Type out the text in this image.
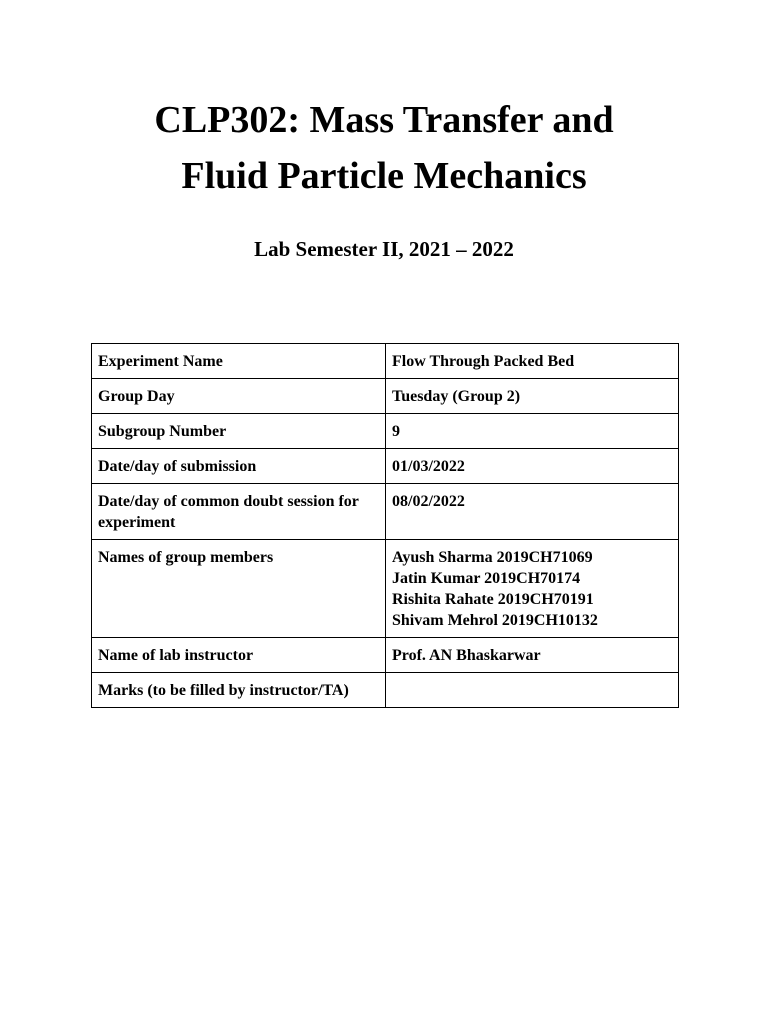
CLP302: Mass Transfer and
Fluid Particle Mechanics
Lab Semester II, 2021 – 2022
Experiment Name	Flow Through Packed Bed
Group Day	Tuesday (Group 2)
Subgroup Number	9
Date/day of submission	01/03/2022
Date/day of common doubt session for experiment	08/02/2022
Names of group members	Ayush Sharma 2019CH71069
Jatin Kumar 2019CH70174
Rishita Rahate 2019CH70191
Shivam Mehrol 2019CH10132

Name of lab instructor	Prof. AN Bhaskarwar
Marks (to be filled by instructor/TA)	
